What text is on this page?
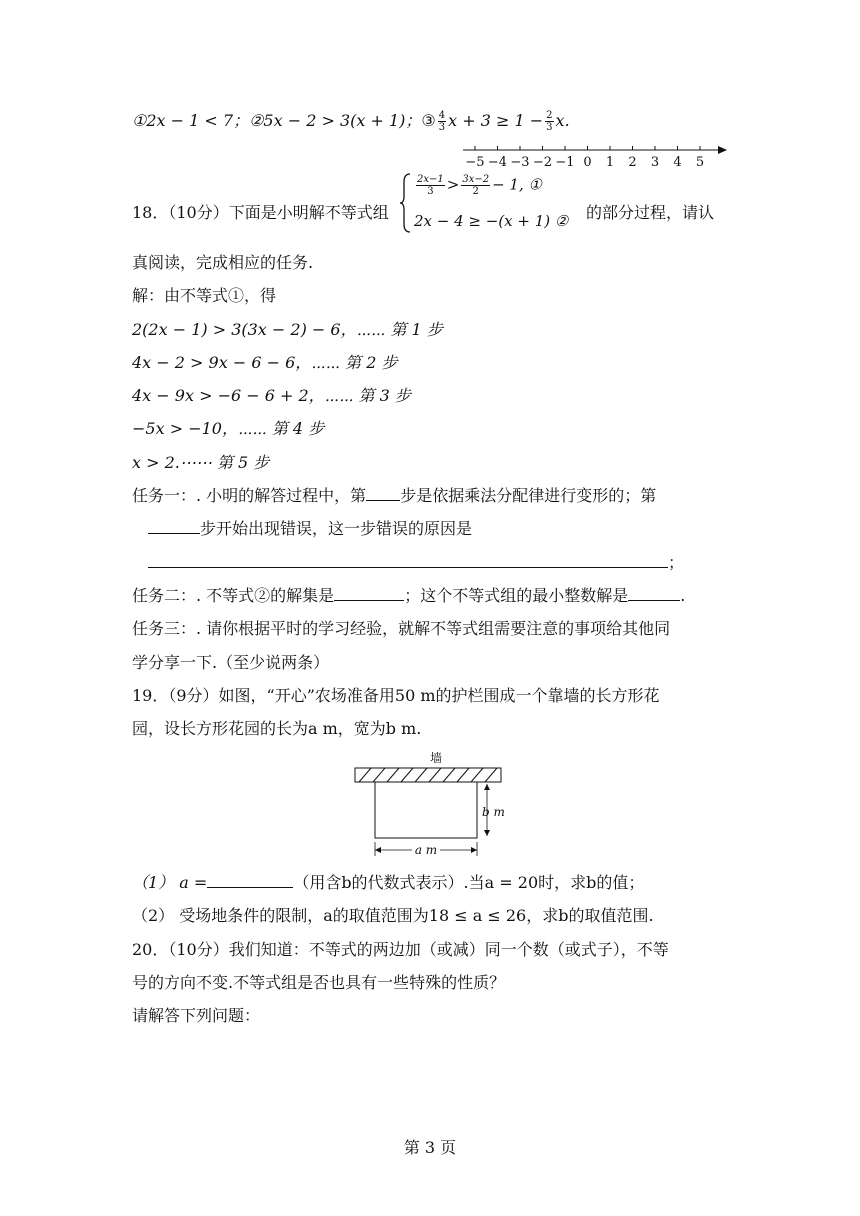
①2x − 1 < 7；②5x − 2 > 3(x + 1)；③ $\frac{4}{3}$ $x + 3 \ge 1 - \frac{2}{3} x$.
−5 −4 −3 −2 −1 0 1 2 3 4 5
18．（10分）下面是小明解不等式组
$\frac{2x-1}{3} > \frac{3x-2}{2} - 1$, ①
2x − 4 ≥ −(x + 1) ② 的部分过程，请认
真阅读，完成相应的任务.
解：由不等式①，得
2(2x − 1) > 3(3x − 2) − 6，⋯⋯ 第 1 步
4x − 2 > 9x − 6 − 6，⋯⋯ 第 2 步
4x − 9x > −6 − 6 + 2，⋯⋯ 第 3 步
−5x > −10，⋯⋯ 第 4 步
x > 2.⋯⋯ 第 5 步
任务一：. 小明的解答过程中，第 步是依据乘法分配律进行变形的；第
步开始出现错误，这一步错误的原因是
；
任务二：. 不等式②的解集是	；这个不等式组的最小整数解是	.
任务三：. 请你根据平时的学习经验，就解不等式组需要注意的事项给其他同
学分享一下.（至少说两条）
19．（9分）如图，“开心”农场准备用50 m的护栏围成一个靠墙的长方形花
园，设长方形花园的长为a m，宽为b m.
墙
b m
a m
（1） a =	（用含b的代数式表示）.当a = 20时，求b的值；
（2） 受场地条件的限制，a的取值范围为18 ≤ a ≤ 26，求b的取值范围.
20．（10分）我们知道：不等式的两边加（或减）同一个数（或式子），不等
号的方向不变.不等式组是否也具有一些特殊的性质？
请解答下列问题：
第 3 页
